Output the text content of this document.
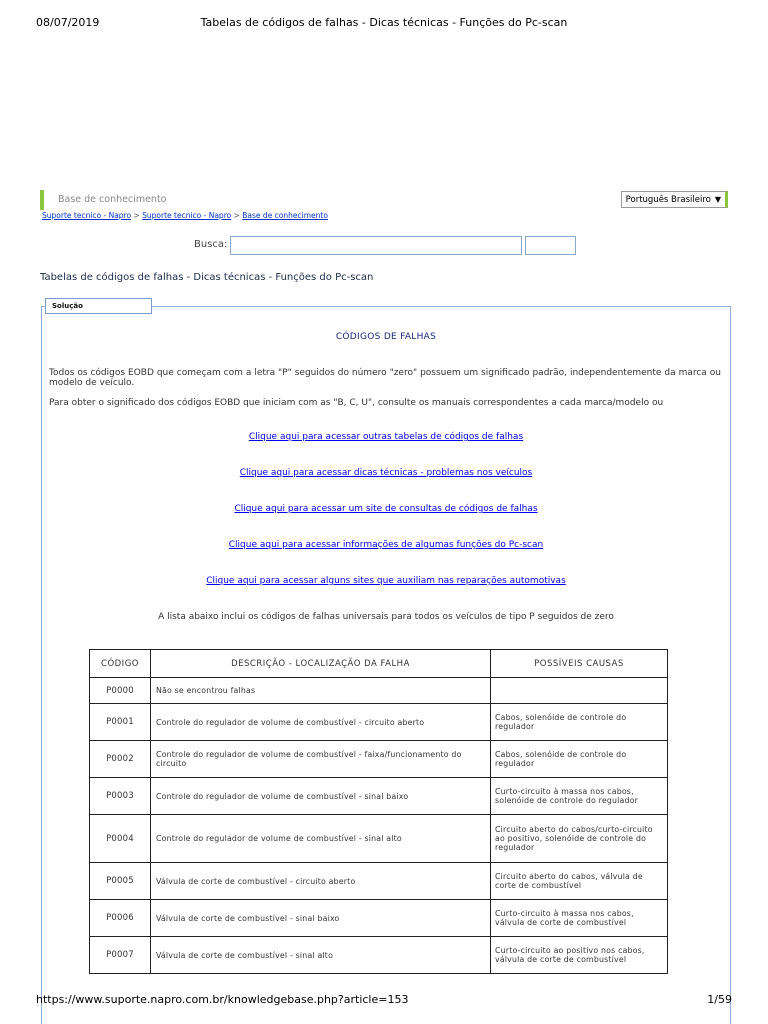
08/07/2019	Tabelas de códigos de falhas - Dicas técnicas - Funções do Pc-scan
Base de conhecimento	Português Brasileiro ▼
Suporte tecnico - Napro > Suporte tecnico - Napro > Base de conhecimento
Busca:
Tabelas de códigos de falhas - Dicas técnicas - Funções do Pc-scan
Solução
CÓDIGOS DE FALHAS
Todos os códigos EOBD que começam com a letra "P" seguidos do número "zero" possuem um significado padrão, independentemente da marca ou modelo de veículo.
Para obter o significado dos códigos EOBD que iniciam com as "B, C, U", consulte os manuais correspondentes a cada marca/modelo ou
Clique aqui para acessar outras tabelas de códigos de falhas
Clique aqui para acessar dicas técnicas - problemas nos veículos
Clique aqui para acessar um site de consultas de códigos de falhas
Clique aqui para acessar informações de algumas funções do Pc-scan
Clique aqui para acessar alguns sites que auxiliam nas reparações automotivas
A lista abaixo inclui os códigos de falhas universais para todos os veículos de tipo P seguidos de zero
CÓDIGO	DESCRIÇÃO - LOCALIZAÇÃO DA FALHA	POSSÍVEIS CAUSAS
P0000	Não se encontrou falhas	
P0001	Controle do regulador de volume de combustível - circuito aberto	Cabos, solenóide de controle do regulador
P0002	Controle do regulador de volume de combustível - faixa/funcionamento do circuito	Cabos, solenóide de controle do regulador
P0003	Controle do regulador de volume de combustível - sinal baixo	Curto-circuito à massa nos cabos, solenóide de controle do regulador
P0004	Controle do regulador de volume de combustível - sinal alto	Circuito aberto do cabos/curto-circuito ao positivo, solenóide de controle do regulador
P0005	Válvula de corte de combustível - circuito aberto	Circuito aberto do cabos, válvula de corte de combustível
P0006	Válvula de corte de combustível - sinal baixo	Curto-circuito à massa nos cabos, válvula de corte de combustível
P0007	Válvula de corte de combustível - sinal alto	Curto-circuito ao positivo nos cabos, válvula de corte de combustível
https://www.suporte.napro.com.br/knowledgebase.php?article=153	1/59
